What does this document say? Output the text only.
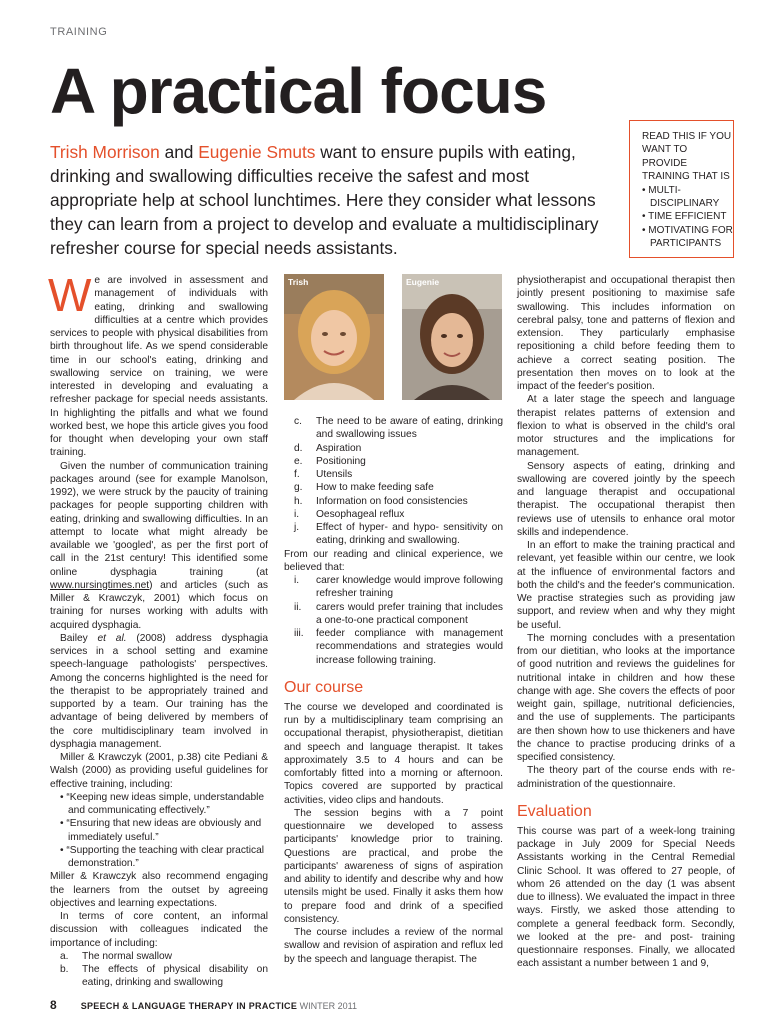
TRAINING
A practical focus
Trish Morrison and Eugenie Smuts want to ensure pupils with eating, drinking and swallowing difficulties receive the safest and most appropriate help at school lunchtimes. Here they consider what lessons they can learn from a project to develop and evaluate a multidisciplinary refresher course for special needs assistants.
READ THIS IF YOU WANT TO PROVIDE TRAINING THAT IS
• MULTI-DISCIPLINARY
• TIME EFFICIENT
• MOTIVATING FOR PARTICIPANTS

We are involved in assessment and management of individuals with eating, drinking and swallowing difficulties at a centre which provides services to people with physical disabilities from birth throughout life. As we spend considerable time in our school's eating, drinking and swallowing service on training, we were interested in developing and evaluating a refresher package for special needs assistants. In highlighting the pitfalls and what we found worked best, we hope this article gives you food for thought when developing your own staff training.

Given the number of communication training packages around (see for example Manolson, 1992), we were struck by the paucity of training packages for people supporting children with eating, drinking and swallowing difficulties. In an attempt to locate what might already be available we 'googled', as per the first port of call in the 21st century! This identified some online dysphagia training (at www.nursingtimes.net) and articles (such as Miller & Krawczyk, 2001) which focus on training for nurses working with adults with acquired dysphagia.

Bailey et al. (2008) address dysphagia services in a school setting and examine speech-language pathologists' perspectives. Among the concerns highlighted is the need for the therapist to be appropriately trained and supported by a team. Our training has the advantage of being delivered by members of the core multidisciplinary team involved in dysphagia management.

Miller & Krawczyk (2001, p.38) cite Pediani & Walsh (2000) as providing useful guidelines for effective training, including:

• “Keeping new ideas simple, understandable and communicating effectively.”
• “Ensuring that new ideas are obviously and immediately useful.”
• “Supporting the teaching with clear practical demonstration.”

Miller & Krawczyk also recommend engaging the learners from the outset by agreeing objectives and learning expectations.

In terms of core content, an informal discussion with colleagues indicated the importance of including:

a.	The normal swallow
b.	The effects of physical disability on eating, drinking and swallowing
Trish	Eugenie
c.	The need to be aware of eating, drinking and swallowing issues
d.	Aspiration
e.	Positioning
f.	Utensils
g.	How to make feeding safe
h.	Information on food consistencies
i.	Oesophageal reflux
j.	Effect of hyper- and hypo- sensitivity on eating, drinking and swallowing.

From our reading and clinical experience, we believed that:

i.	carer knowledge would improve following refresher training
ii.	carers would prefer training that includes a one-to-one practical component
iii.	feeder compliance with management recommendations and strategies would increase following training.
Our course

The course we developed and coordinated is run by a multidisciplinary team comprising an occupational therapist, physiotherapist, dietitian and speech and language therapist. It takes approximately 3.5 to 4 hours and can be comfortably fitted into a morning or afternoon. Topics covered are supported by practical activities, video clips and handouts.

The session begins with a 7 point questionnaire we developed to assess participants' knowledge prior to training. Questions are practical, and probe the participants' awareness of signs of aspiration and ability to identify and describe why and how utensils might be used. Finally it asks them how to prepare food and drink of a specified consistency.

The course includes a review of the normal swallow and revision of aspiration and reflux led by the speech and language therapist. The

physiotherapist and occupational therapist then jointly present positioning to maximise safe swallowing. This includes information on cerebral palsy, tone and patterns of flexion and extension. They particularly emphasise repositioning a child before feeding them to achieve a correct seating position. The presentation then moves on to look at the impact of the feeder's position.

At a later stage the speech and language therapist relates patterns of extension and flexion to what is observed in the child's oral motor structures and the implications for management.

Sensory aspects of eating, drinking and swallowing are covered jointly by the speech and language therapist and occupational therapist. The occupational therapist then reviews use of utensils to enhance oral motor skills and independence.

In an effort to make the training practical and relevant, yet feasible within our centre, we look at the influence of environmental factors and both the child's and the feeder's communication. We practise strategies such as providing jaw support, and review when and why they might be useful.

The morning concludes with a presentation from our dietitian, who looks at the importance of good nutrition and reviews the guidelines for nutritional intake in children and how these change with age. She covers the effects of poor weight gain, spillage, nutritional deficiencies, and the use of supplements. The participants are then shown how to use thickeners and have the chance to practise producing drinks of a specified consistency.

The theory part of the course ends with re-administration of the questionnaire.

Evaluation

This course was part of a week-long training package in July 2009 for Special Needs Assistants working in the Central Remedial Clinic School. It was offered to 27 people, of whom 26 attended on the day (1 was absent due to illness). We evaluated the impact in three ways. Firstly, we asked those attending to complete a general feedback form. Secondly, we looked at the pre- and post- training questionnaire responses. Finally, we allocated each assistant a number between 1 and 9,

8	SPEECH & LANGUAGE THERAPY IN PRACTICE WINTER 2011
